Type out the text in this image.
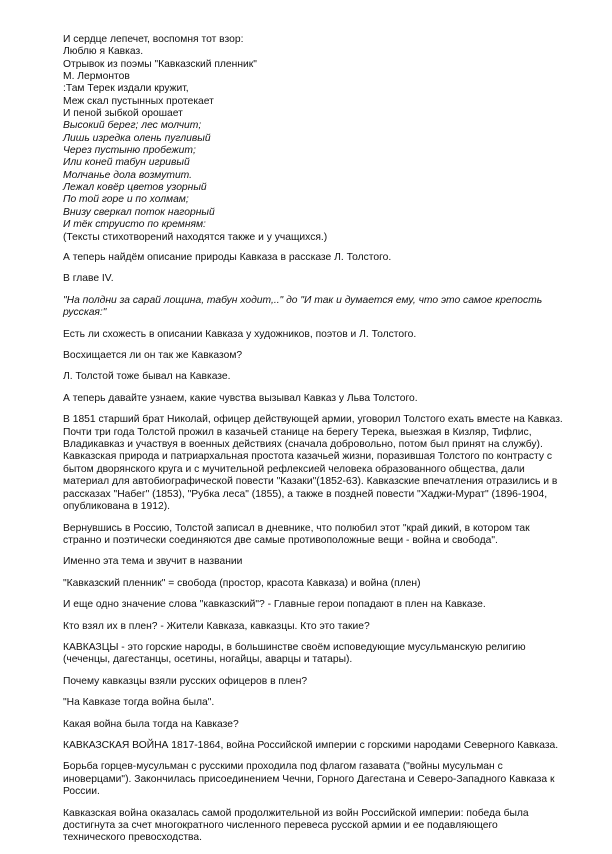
И сердце лепечет, воспомня тот взор:
Люблю я Кавказ.
Отрывок из поэмы "Кавказский пленник"
М. Лермонтов
:Там Терек издали кружит,
Меж скал пустынных протекает
И пеной зыбкой орошает
Высокий берег; лес молчит;
Лишь изредка олень пугливый
Через пустыню пробежит;
Или коней табун игривый
Молчанье дола возмутит.
Лежал ковёр цветов узорный
По той горе и по холмам;
Внизу сверкал поток нагорный
И тёк струисто по кремням:
(Тексты стихотворений находятся также и у учащихся.)

А теперь найдём описание природы Кавказа в рассказе Л. Толстого.

В главе IV.

"На полдни за сарай лощина, табун ходит,.." до "И так и думается ему, что это самое крепость русская:"

Есть ли схожесть в описании Кавказа у художников, поэтов и Л. Толстого.

Восхищается ли он так же Кавказом?

Л. Толстой тоже бывал на Кавказе.

А теперь давайте узнаем, какие чувства вызывал Кавказ у Льва Толстого.

В 1851 старший брат Николай, офицер действующей армии, уговорил Толстого ехать вместе на Кавказ. Почти три года Толстой прожил в казачьей станице на берегу Терека, выезжая в Кизляр, Тифлис, Владикавказ и участвуя в военных действиях (сначала добровольно, потом был принят на службу). Кавказская природа и патриархальная простота казачьей жизни, поразившая Толстого по контрасту с бытом дворянского круга и с мучительной рефлексией человека образованного общества, дали материал для автобиографической повести "Казаки"(1852-63). Кавказские впечатления отразились и в рассказах "Набег" (1853), "Рубка леса" (1855), а также в поздней повести "Хаджи-Мурат" (1896-1904, опубликована в 1912).

Вернувшись в Россию, Толстой записал в дневнике, что полюбил этот "край дикий, в котором так странно и поэтически соединяются две самые противоположные вещи - война и свобода".

Именно эта тема и звучит в названии

"Кавказский пленник" = свобода (простор, красота Кавказа) и война (плен)

И еще одно значение слова "кавказский"? - Главные герои попадают в плен на Кавказе.

Кто взял их в плен? - Жители Кавказа, кавказцы. Кто это такие?

КАВКАЗЦЫ - это горские народы, в большинстве своём исповедующие мусульманскую религию (чеченцы, дагестанцы, осетины, ногайцы, аварцы и татары).

Почему кавказцы взяли русских офицеров в плен?

"На Кавказе тогда война была".

Какая война была тогда на Кавказе?

КАВКАЗСКАЯ ВОЙНА 1817-1864, война Российской империи с горскими народами Северного Кавказа.

Борьба горцев-мусульман с русскими проходила под флагом газавата ("войны мусульман с иноверцами"). Закончилась присоединением Чечни, Горного Дагестана и Северо-Западного Кавказа к России.

Кавказская война оказалась самой продолжительной из войн Российской империи: победа была достигнута за счет многократного численного перевеса русской армии и ее подавляющего технического превосходства.
